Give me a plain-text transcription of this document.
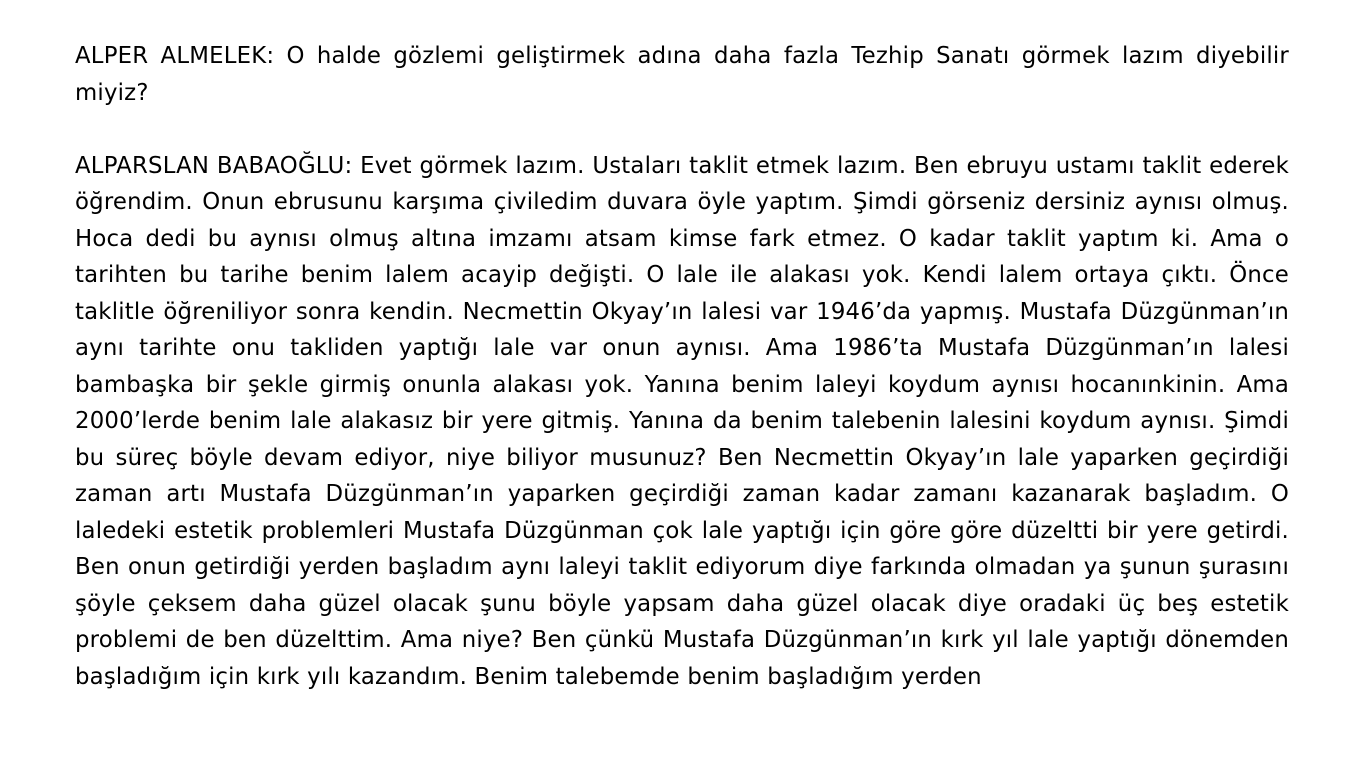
ALPER ALMELEK: O halde gözlemi geliştirmek adına daha fazla Tezhip Sanatı görmek lazım diyebilir miyiz?

ALPARSLAN BABAOĞLU: Evet görmek lazım. Ustaları taklit etmek lazım. Ben ebruyu ustamı taklit ederek öğrendim. Onun ebrusunu karşıma çiviledim duvara öyle yaptım. Şimdi görseniz dersiniz aynısı olmuş. Hoca dedi bu aynısı olmuş altına imzamı atsam kimse fark etmez. O kadar taklit yaptım ki. Ama o tarihten bu tarihe benim lalem acayip değişti. O lale ile alakası yok. Kendi lalem ortaya çıktı. Önce taklitle öğreniliyor sonra kendin. Necmettin Okyay’ın lalesi var 1946’da yapmış. Mustafa Düzgünman’ın aynı tarihte onu takliden yaptığı lale var onun aynısı. Ama 1986’ta Mustafa Düzgünman’ın lalesi bambaşka bir şekle girmiş onunla alakası yok. Yanına benim laleyi koydum aynısı hocanınkinin. Ama 2000’lerde benim lale alakasız bir yere gitmiş. Yanına da benim talebenin lalesini koydum aynısı. Şimdi bu süreç böyle devam ediyor, niye biliyor musunuz? Ben Necmettin Okyay’ın lale yaparken geçirdiği zaman artı Mustafa Düzgünman’ın yaparken geçirdiği zaman kadar zamanı kazanarak başladım. O laledeki estetik problemleri Mustafa Düzgünman çok lale yaptığı için göre göre düzeltti bir yere getirdi. Ben onun getirdiği yerden başladım aynı laleyi taklit ediyorum diye farkında olmadan ya şunun şurasını şöyle çeksem daha güzel olacak şunu böyle yapsam daha güzel olacak diye oradaki üç beş estetik problemi de ben düzelttim. Ama niye? Ben çünkü Mustafa Düzgünman’ın kırk yıl lale yaptığı dönemden başladığım için kırk yılı kazandım. Benim talebemde benim başladığım yerden
